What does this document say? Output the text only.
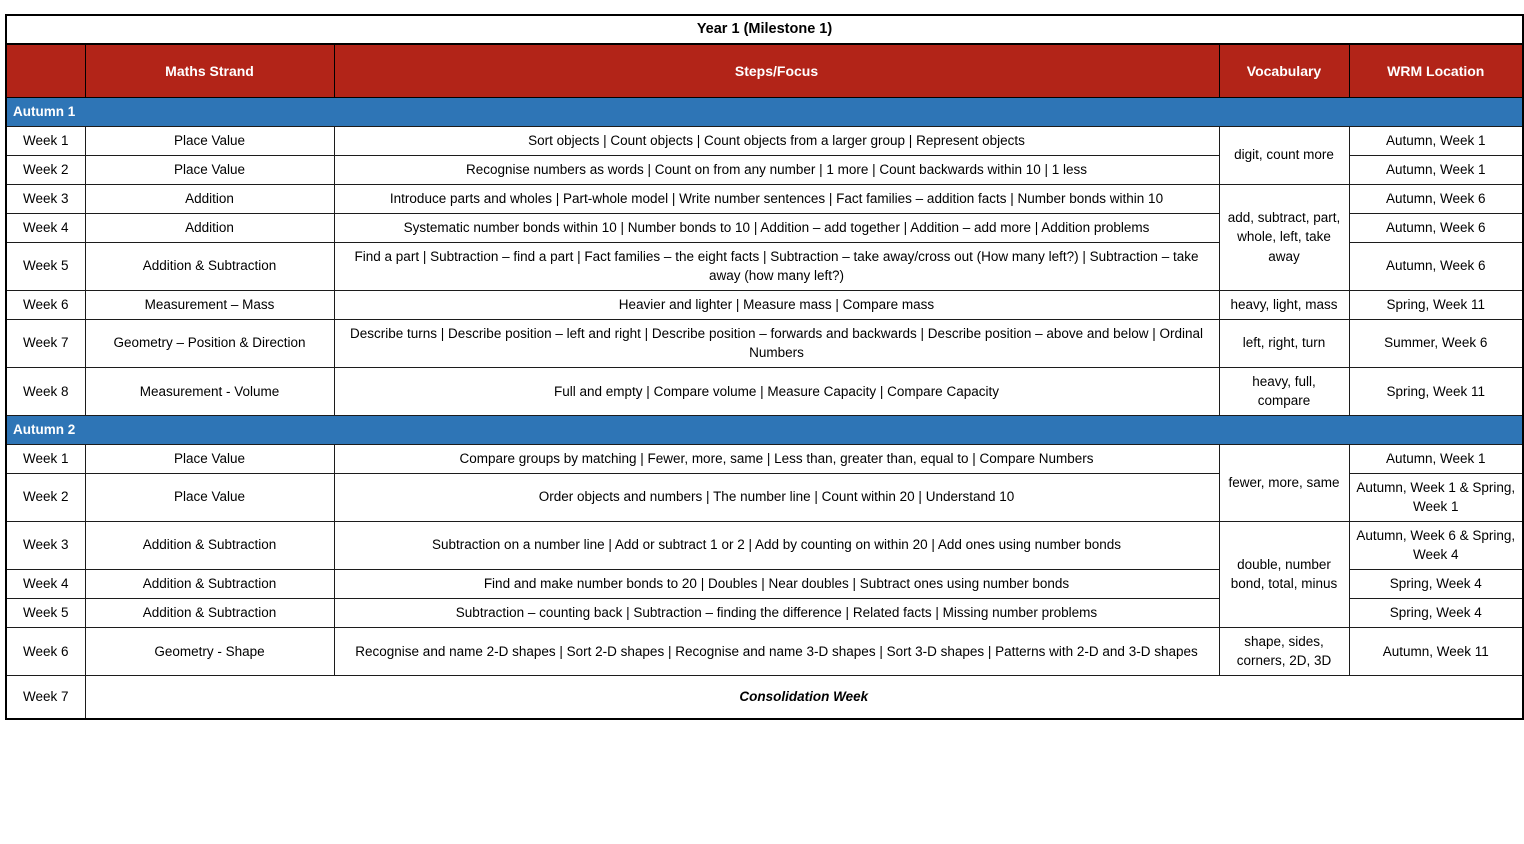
Year 1 (Milestone 1)				
	Maths Strand	Steps/Focus	Vocabulary	WRM Location
Autumn 1				
Week 1	Place Value	Sort objects | Count objects | Count objects from a larger group | Represent objects	digit, count more	Autumn, Week 1
Week 2	Place Value	Recognise numbers as words | Count on from any number | 1 more | Count backwards within 10 | 1 less		Autumn, Week 1
Week 3	Addition	Introduce parts and wholes | Part-whole model | Write number sentences | Fact families – addition facts | Number bonds within 10	add, subtract, part, whole, left, take away	Autumn, Week 6
Week 4	Addition	Systematic number bonds within 10 | Number bonds to 10 | Addition – add together | Addition – add more | Addition problems		Autumn, Week 6
Week 5	Addition & Subtraction	Find a part | Subtraction – find a part | Fact families – the eight facts | Subtraction – take away/cross out (How many left?) | Subtraction – take away (how many left?)		Autumn, Week 6
Week 6	Measurement – Mass	Heavier and lighter | Measure mass | Compare mass	heavy, light, mass	Spring, Week 11
Week 7	Geometry – Position & Direction	Describe turns | Describe position – left and right | Describe position – forwards and backwards | Describe position – above and below | Ordinal Numbers	left, right, turn	Summer, Week 6
Week 8	Measurement - Volume	Full and empty | Compare volume | Measure Capacity | Compare Capacity	heavy, full, compare	Spring, Week 11
Autumn 2				
Week 1	Place Value	Compare groups by matching | Fewer, more, same | Less than, greater than, equal to | Compare Numbers	fewer, more, same	Autumn, Week 1
Week 2	Place Value	Order objects and numbers | The number line | Count within 20 | Understand 10		Autumn, Week 1 & Spring, Week 1
Week 3	Addition & Subtraction	Subtraction on a number line | Add or subtract 1 or 2 | Add by counting on within 20 | Add ones using number bonds	double, number bond, total, minus	Autumn, Week 6 & Spring, Week 4
Week 4	Addition & Subtraction	Find and make number bonds to 20 | Doubles | Near doubles | Subtract ones using number bonds		Spring, Week 4
Week 5	Addition & Subtraction	Subtraction – counting back | Subtraction – finding the difference | Related facts | Missing number problems		Spring, Week 4
Week 6	Geometry - Shape	Recognise and name 2-D shapes | Sort 2-D shapes | Recognise and name 3-D shapes | Sort 3-D shapes | Patterns with 2-D and 3-D shapes	shape, sides, corners, 2D, 3D	Autumn, Week 11
Week 7	Consolidation Week			
